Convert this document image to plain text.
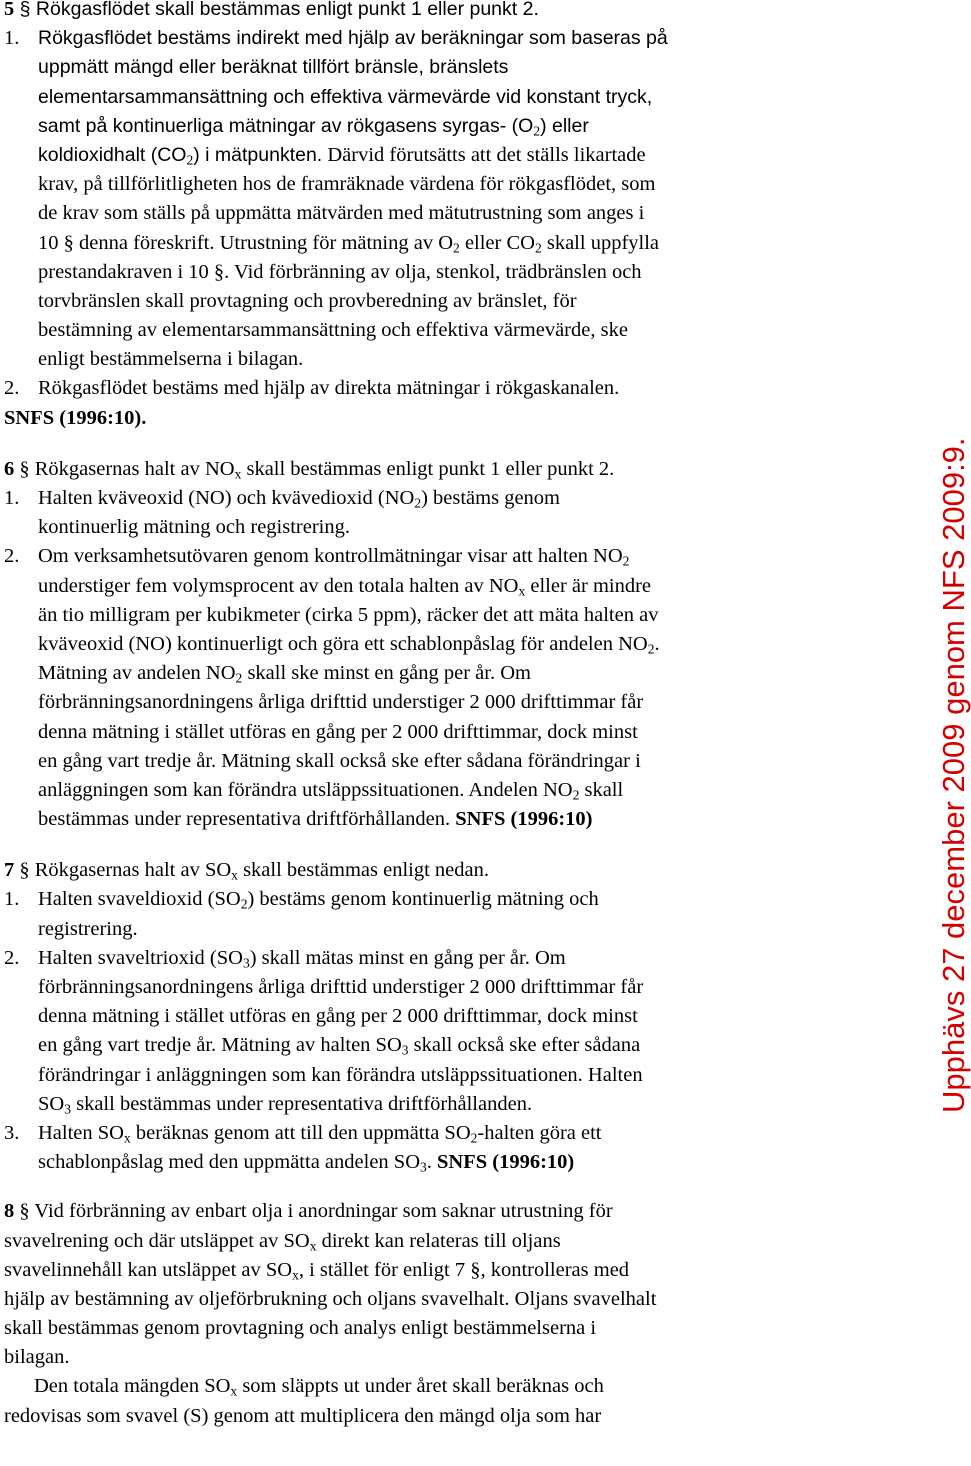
5 § Rökgasflödet skall bestämmas enligt punkt 1 eller punkt 2.
1. Rökgasflödet bestäms indirekt med hjälp av beräkningar som baseras på
uppmätt mängd eller beräknat tillfört bränsle, bränslets
elementarsammansättning och effektiva värmevärde vid konstant tryck,
samt på kontinuerliga mätningar av rökgasens syrgas- $(O_2)$ eller
koldioxidhalt $(CO_2)$ i mätpunkten. Därvid förutsätts att det ställs likartade
krav, på tillförlitligheten hos de framräknade värdena för rökgasflödet, som
de krav som ställs på uppmätta mätvärden med mätutrustning som anges i
10 § denna föreskrift. Utrustning för mätning av $O_2$ eller $CO_2$ skall uppfylla
prestandakraven i 10 §. Vid förbränning av olja, stenkol, trädbränslen och
torvbränslen skall provtagning och provberedning av bränslet, för
bestämning av elementarsammansättning och effektiva värmevärde, ske
enligt bestämmelserna i bilagan.
2. Rökgasflödet bestäms med hjälp av direkta mätningar i rökgaskanalen.
SNFS (1996:10).
6 § Rökgasernas halt av $NO_x$ skall bestämmas enligt punkt 1 eller punkt 2.
1. Halten kväveoxid (NO) och kvävedioxid $(NO_2)$ bestäms genom
kontinuerlig mätning och registrering.
2. Om verksamhetsutövaren genom kontrollmätningar visar att halten $NO_2$
understiger fem volymsprocent av den totala halten av $NO_x$ eller är mindre
än tio milligram per kubikmeter (cirka 5 ppm), räcker det att mäta halten av
kväveoxid (NO) kontinuerligt och göra ett schablonpåslag för andelen $NO_2$.
Mätning av andelen $NO_2$ skall ske minst en gång per år. Om
förbränningsanordningens årliga drifttid understiger 2 000 drifttimmar får
denna mätning i stället utföras en gång per 2 000 drifttimmar, dock minst
en gång vart tredje år. Mätning skall också ske efter sådana förändringar i
anläggningen som kan förändra utsläppssituationen. Andelen $NO_2$ skall
bestämmas under representativa driftförhållanden. SNFS (1996:10)
7 § Rökgasernas halt av $SO_x$ skall bestämmas enligt nedan.
1. Halten svaveldioxid $(SO_2)$ bestäms genom kontinuerlig mätning och
registrering.
2. Halten svaveltrioxid $(SO_3)$ skall mätas minst en gång per år. Om
förbränningsanordningens årliga drifttid understiger 2 000 drifttimmar får
denna mätning i stället utföras en gång per 2 000 drifttimmar, dock minst
en gång vart tredje år. Mätning av halten $SO_3$ skall också ske efter sådana
förändringar i anläggningen som kan förändra utsläppssituationen. Halten
$SO_3$ skall bestämmas under representativa driftförhållanden.
3. Halten $SO_x$ beräknas genom att till den uppmätta $SO_2$-halten göra ett
schablonpåslag med den uppmätta andelen $SO_3$. SNFS (1996:10)
8 § Vid förbränning av enbart olja i anordningar som saknar utrustning för
svavelrening och där utsläppet av $SO_x$ direkt kan relateras till oljans
svavelinnehåll kan utsläppet av $SO_x$, i stället för enligt 7 §, kontrolleras med
hjälp av bestämning av oljeförbrukning och oljans svavelhalt. Oljans svavelhalt
skall bestämmas genom provtagning och analys enligt bestämmelserna i
bilagan.
Den totala mängden $SO_x$ som släppts ut under året skall beräknas och
redovisas som svavel (S) genom att multiplicera den mängd olja som har
Upphävs 27 december 2009 genom NFS 2009:9.
